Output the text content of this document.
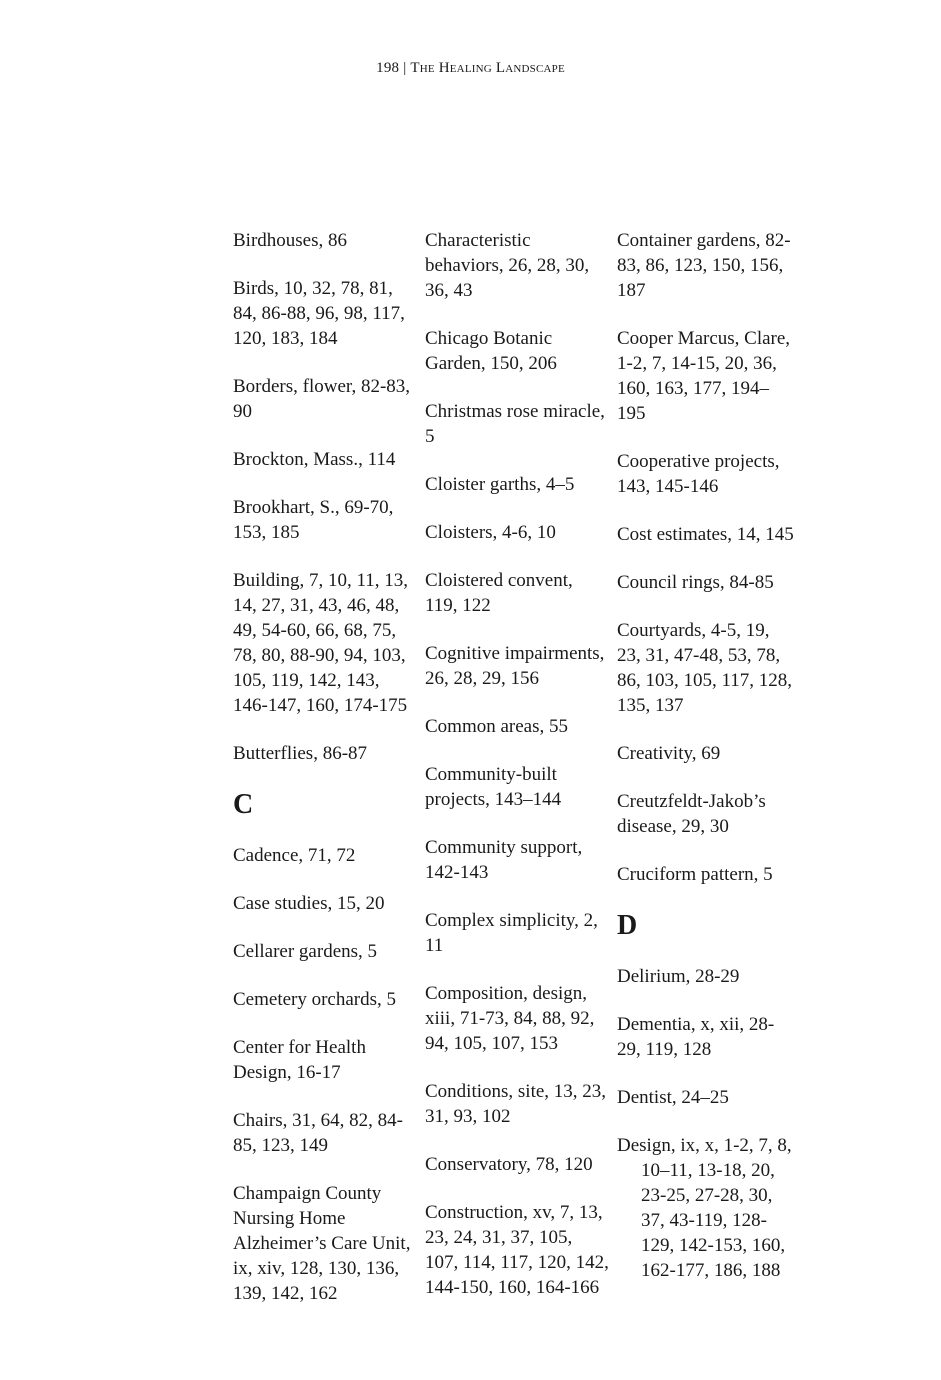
198 | The Healing Landscape
Birdhouses, 86
Birds, 10, 32, 78, 81, 84, 86-88, 96, 98, 117, 120, 183, 184
Borders, flower, 82-83, 90
Brockton, Mass., 114
Brookhart, S., 69-70, 153, 185
Building, 7, 10, 11, 13, 14, 27, 31, 43, 46, 48, 49, 54-60, 66, 68, 75, 78, 80, 88-90, 94, 103, 105, 119, 142, 143, 146-147, 160, 174-175
Butterflies, 86-87
C
Cadence, 71, 72
Case studies, 15, 20
Cellarer gardens, 5
Cemetery orchards, 5
Center for Health Design, 16-17
Chairs, 31, 64, 82, 84-85, 123, 149
Champaign County Nursing Home Alzheimer’s Care Unit, ix, xiv, 128, 130, 136, 139, 142, 162
Characteristic behaviors, 26, 28, 30, 36, 43
Chicago Botanic Garden, 150, 206
Christmas rose miracle, 5
Cloister garths, 4–5
Cloisters, 4-6, 10
Cloistered convent, 119, 122
Cognitive impairments, 26, 28, 29, 156
Common areas, 55
Community-built projects, 143–144
Community support, 142-143
Complex simplicity, 2, 11
Composition, design, xiii, 71-73, 84, 88, 92, 94, 105, 107, 153
Conditions, site, 13, 23, 31, 93, 102
Conservatory, 78, 120
Construction, xv, 7, 13, 23, 24, 31, 37, 105, 107, 114, 117, 120, 142, 144-150, 160, 164-166
Container gardens, 82-83, 86, 123, 150, 156, 187
Cooper Marcus, Clare, 1-2, 7, 14-15, 20, 36, 160, 163, 177, 194–195
Cooperative projects, 143, 145-146
Cost estimates, 14, 145
Council rings, 84-85
Courtyards, 4-5, 19, 23, 31, 47-48, 53, 78, 86, 103, 105, 117, 128, 135, 137
Creativity, 69
Creutzfeldt-Jakob’s disease, 29, 30
Cruciform pattern, 5
D
Delirium, 28-29
Dementia, x, xii, 28-29, 119, 128
Dentist, 24–25
Design, ix, x, 1-2, 7, 8, 10–11, 13-18, 20, 23-25, 27-28, 30, 37, 43-119, 128-129, 142-153, 160, 162-177, 186, 188
